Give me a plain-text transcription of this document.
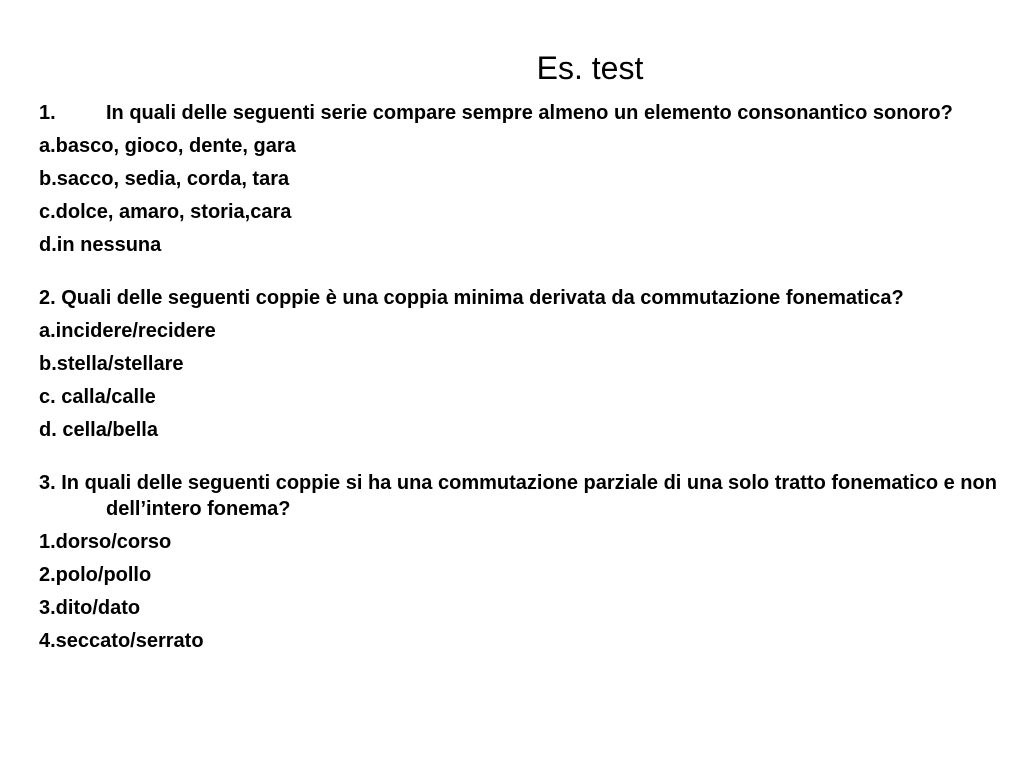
Es. test
1.	In quali delle seguenti serie compare sempre almeno un elemento consonantico sonoro?

a.basco, gioco, dente, gara

b.sacco, sedia, corda, tara

c.dolce, amaro, storia,cara

d.in nessuna

2. Quali delle seguenti coppie è una coppia minima derivata da commutazione fonematica?

a.incidere/recidere

b.stella/stellare

c. calla/calle

d. cella/bella

3. In quali delle seguenti coppie si ha una commutazione parziale di una solo tratto fonematico e non dell’intero fonema?

1.dorso/corso

2.polo/pollo

3.dito/dato

4.seccato/serrato
